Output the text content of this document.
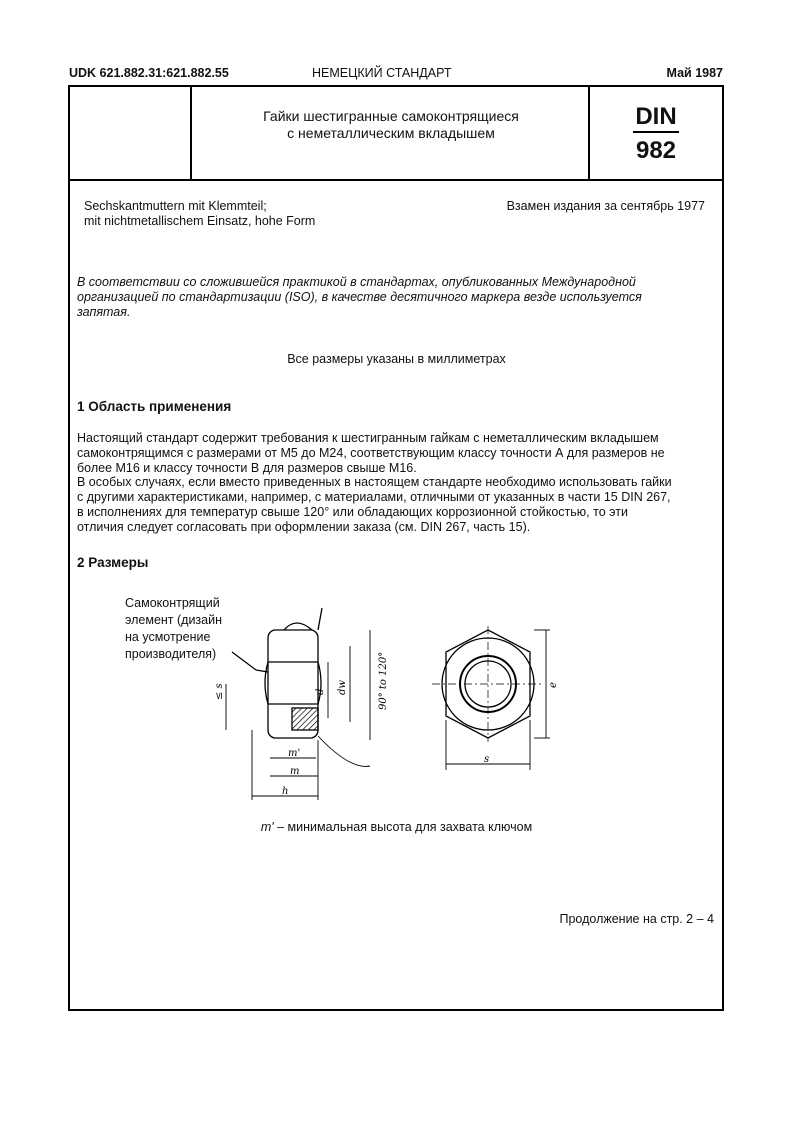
UDK 621.882.31:621.882.55	НЕМЕЦКИЙ СТАНДАРТ	Май 1987
Гайки шестигранные самоконтрящиеся
с неметаллическим вкладышем
DIN
982
Sechskantmuttern mit Klemmteil;
mit nichtmetallischem Einsatz, hohe Form
Взамен издания за сентябрь 1977
В соответствии со сложившейся практикой в стандартах, опубликованных Международной
организацией по стандартизации (ISO), в качестве десятичного маркера везде используется
запятая.
Все размеры указаны в миллиметрах
1 Область применения
Настоящий стандарт содержит требования к шестигранным гайкам с неметаллическим вкладышем
самоконтрящимся с размерами от М5 до М24, соответствующим классу точности А для размеров не
более М16 и классу точности В для размеров свыше М16.
В особых случаях, если вместо приведенных в настоящем стандарте необходимо использовать гайки
с другими характеристиками, например, с материалами, отличными от указанных в части 15 DIN 267,
в исполнениях для температур свыше 120° или обладающих коррозионной стойкостью, то эти
отличия следует согласовать при оформлении заказа (см. DIN 267, часть 15).
2 Размеры
Самоконтрящий
элемент (дизайн
на усмотрение
производителя)
d dw	90° to 120°
m'
m
h
s
e
≤ s
m' – минимальная высота для захвата ключом
Продолжение на стр. 2 – 4
